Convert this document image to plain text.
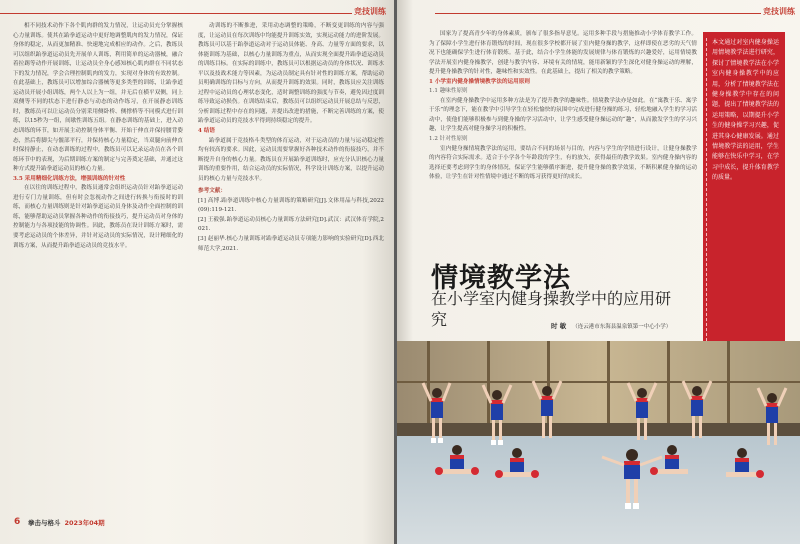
竞技训练

相不同技术动作下各个肌肉群的发力情况，让运动员充分掌握核心力量训练。使其在跆拳道运动中更好地调整肌肉的发力情况，保证身体的稳定，从而更加精准、快速地完成相应的动作。之后，教练员可以组织跆拳道运动员先开展单人训练，利用简单的运动器械，融合着拉踢等动作开展训练，让运动员全身心感知核心肌肉群在不同状态下的发力情况，学会合理控制肌肉的发力，实现对身体的有效控制。在此基础上，教练员可以增加综合器械等更多类型的训练，让跆拳道运动员开展小组训练，两个人以上为一组，并无后在横平双侧，同上双侧等不同的状态下进行静态与动态的动作练习，在开展静态训练时，教练员可以让运动员分别采用侧卧桥、侧撑桥等不同模式进行训练，以15秒为一组，间歇性训练五组。在静态训练的基础上，进入动态训练的环节，如开展主动控制身体平衡、开始于伸直并保持腰背姿态，然后将脚尖与髋部平行，并保持核心力量稳定，当双腿向前伸直时保持静止，在动态训练的过程中，教练员可以记录运动员在各个训练环节中的表现，为后期训练方案的制定与完善奠定基础，并通过这种方式提升跆拳道运动员的核心力量。

3.5 采用精细化训练方法，增强训练的针对性

在以往的训练过程中，教练员通常会组织运动员针对跆拳道运动进行专门力量训练，但有时会忽视动作之间进行转换与衔接时的训练，而核心力量训练则是针对跆拳道运动员身体及动作全面控制的训练，能够帮助运动员掌握各种动作的衔接技巧，提升运动员对身体的控制能力与各项技能的协调性。因此，教练员在设计训练方案时，需要考虑运动员的个体差异，并针对运动员的实际情况，设计精细化的训练方案，从而提升跆拳道运动员的竞技水平。

动训练的不断推进，采用动态调整的策略，不断变更训练的内容与强度，让运动员在每次训练中均能提升训练实效，实现运动能力的进阶发展。教练员可以基于跆拳道运动对于运动员体能、身高、力量等方面的要求，以体能训练为基础，以核心力量训练为重点，从而实现全面提升跆拳道运动员的训练目标。在实际的训练中，教练员可以根据运动员的身体状况、训练水平以及技战术能力等因素，为运动员制定具有针对性的训练方案，帮助运动员明确训练的目标与方向，从而提升训练的效果。同时，教练员应关注训练过程中运动员的心理状态变化，适时调整训练的强度与节奏，避免因过度训练导致运动损伤。在训练结束后，教练员可以组织运动员开展总结与反思，分析训练过程中存在的问题，并提出改进的措施，不断完善训练的方案，使跆拳道运动员的竞技水平得到持续稳定的提升。

4 结语

跆拳道属于竞技格斗类型的体育运动，对于运动员的力量与运动稳定性均有较高的要求。因此，运动员需要掌握好各种技术动作的衔接技巧，并不断提升自身的核心力量。教练员在开展跆拳道训练时，应充分认识核心力量训练的重要作用，结合运动员的实际情况，科学设计训练方案，以提升运动员的核心力量与竞技水平。

参考文献：

[1] 高博.跆拳道训练中核心力量训练的策略研究[J].文体用品与科技,2022(09):119-121.

[2] 王毅强.跆拳道运动员核心力量训练方法研究[D].武汉：武汉体育学院,2021.

[3] 赵丽华.核心力量训练对跆拳道运动员专项能力影响的实验研究[D].西北师范大学,2021.

6 拳击与格斗 2023年04期
竞技训练

国家为了提高青少年的身体素质，颁布了很多指导意见。运用多种手段与措施推动小学体育教学工作。为了保障小学生进行体育锻炼的时间，现在很多学校都开展了室内健身操的教学，这样即使在恶劣的天气情况下也能确保学生进行体育锻炼。基于此，结合小学生体能的发展规律与体育锻炼的兴趣爱好，运用情境教学法开展室内健身操教学，创建与教学内容、环境有关的情境，能用新颖的学生深化对健身操运动的理解，提升健身操教学的针对性，趣味性和实效性。在此基础上，提出了相关的教学策略。

1 小学室内健身操情境教学法的运用原则

1.1 趣味性原则

在室内健身操教学中运用多种方法是为了提升教学的趣味性。情境教学法亦是如此。在“寓教于乐、寓学于乐”的理念下，能在教学中引导学生在轻松愉快的氛围中完成进行健身操的练习，轻松地融入学生的学习活动中，使他们能够积极参与到健身操的学习活动中，让学生感受健身操运动的“趣”，从而激发学生的学习兴趣，让学生提高对健身操学习的积极性。

1.2 针对性原则

室内健身操情境教学法的运用，要结合不同的场景与目的，内容与学生的学情进行设计，让健身操教学的内容符合实际需求。适合于小学各个年龄段的学生，有的放矢，获得最佳的教学效果。室内健身操内容的选择还要考虑到学生的身体情况，保证学生能够循序渐进，提升健身操的教学效果，不断积累健身操的运动体验，让学生在针对性情境中通过不断的练习获得更好的成长。

本文通过对室内健身操运用情境教学法进行研究，探讨了情境教学法在小学室内健身操教学中的应用，分析了情境教学法在健身操教学中存在的问题，提出了情境教学法的运用策略，以期提升小学生的健身操学习兴趣，促进其身心健康发展。通过情境教学法的运用，学生能够在快乐中学习，在学习中成长，提升体育教学的质量。
情境教学法
在小学室内健身操教学中的应用研究	时 敏 （连云港市东海县温泉镇第一中心小学）
